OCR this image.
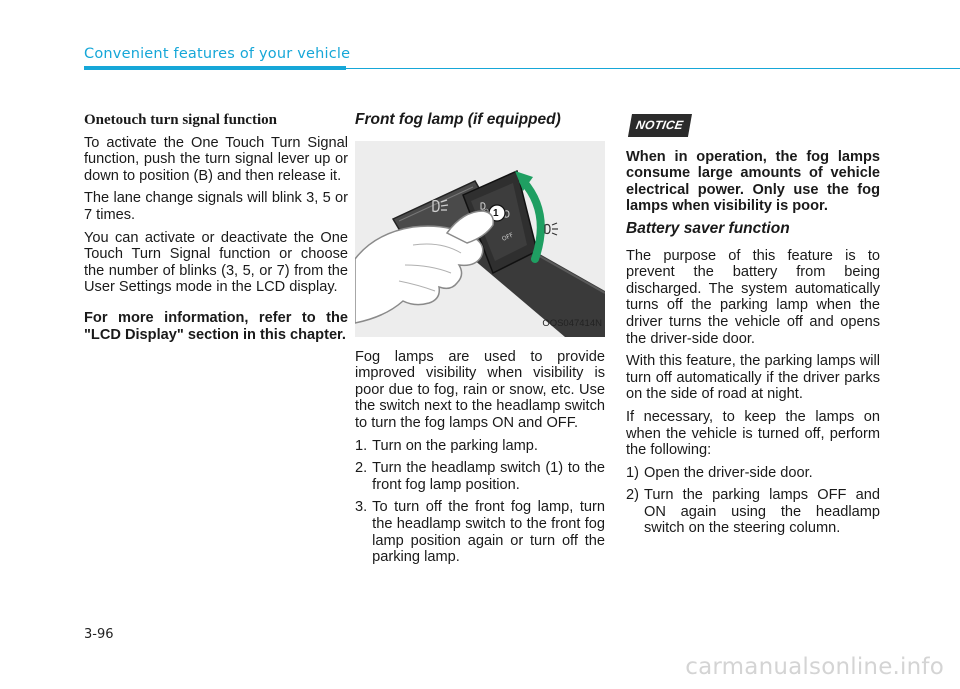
Convenient features of your vehicle
Onetouch turn signal function

To activate the One Touch Turn Signal function, push the turn signal lever up or down to position (B) and then release it.

The lane change signals will blink 3, 5 or 7 times.

You can activate or deactivate the One Touch Turn Signal function or choose the number of blinks (3, 5, or 7) from the User Settings mode in the LCD display.

For more information, refer to the "LCD Display" section in this chapter.

Front fog lamp (if equipped)
OFF
1
OOS047414N

Fog lamps are used to provide improved visibility when visibility is poor due to fog, rain or snow, etc. Use the switch next to the headlamp switch to turn the fog lamps ON and OFF.

1. Turn on the parking lamp.
2. Turn the headlamp switch (1) to the front fog lamp position.
3. To turn off the front fog lamp, turn the headlamp switch to the front fog lamp position again or turn off the parking lamp.
NOTICE

When in operation, the fog lamps consume large amounts of vehicle electrical power. Only use the fog lamps when visibility is poor.

Battery saver function

The purpose of this feature is to prevent the battery from being discharged. The system automatically turns off the parking lamp when the driver turns the vehicle off and opens the driver-side door.

With this feature, the parking lamps will turn off automatically if the driver parks on the side of road at night.

If necessary, to keep the lamps on when the vehicle is turned off, perform the following:

1) Open the driver-side door.
2) Turn the parking lamps OFF and ON again using the headlamp switch on the steering column.
3-96
carmanualsonline.info
